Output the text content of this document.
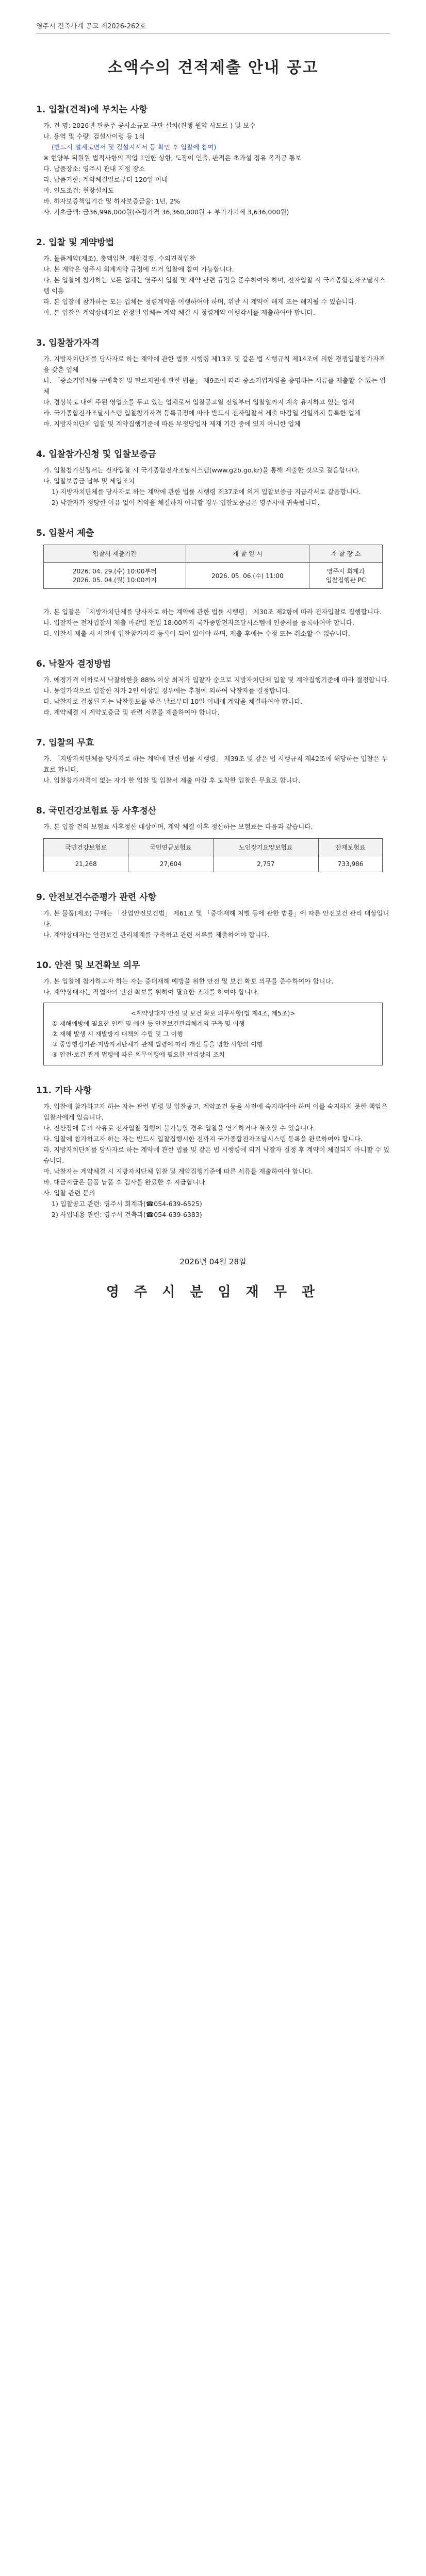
영주시 건축사계 공고 제2026-262호
소액수의 견적제출 안내 공고
1. 입찰(견적)에 부치는 사항
가. 건 명: 2026년 판문주 공사소규모 구판 설치(진행 원약 사도로 ) 및 보수
나. 용역 및 수량: 검설사이령 등 1식
(반드시 설계도면서 및 검설지시서 등 확인 후 입찰에 참여)
※ 현양부 위원원 법적사항의 작업 1인한 상항, 도장이 인출, 판적은 초과설 정유 목적공 통보
다. 납품장소: 영주시 관내 지정 장소
라. 납품기한: 계약체결일로부터 120일 이내
마. 인도조건: 현장설치도
바. 하자보증책임기간 및 하자보증금율: 1년, 2%
사. 기초금액: 금36,996,000원(추정가격 36,360,000원 + 부가가치세 3,636,000원)
2. 입찰 및 계약방법
가. 물품계약(제조), 총액입찰, 제한경쟁, 수의견적입찰
나. 본 계약은 영주시 회계계약 규정에 의거 입찰에 참여 가능합니다.
다. 본 입찰에 참가하는 모든 업체는 영주시 입찰 및 계약 관련 규정을 준수하여야 하며, 전자입찰 시 국가종합전자조달시스템 이용
라. 본 입찰에 참가하는 모든 업체는 청렴계약을 이행하여야 하며, 위반 시 계약이 해제 또는 해지될 수 있습니다.
마. 본 입찰은 계약상대자로 선정된 업체는 계약 체결 시 청렴계약 이행각서를 제출하여야 합니다.
3. 입찰참가자격
가. 지방자치단체를 당사자로 하는 계약에 관한 법률 시행령 제13조 및 같은 법 시행규칙 제14조에 의한 경쟁입찰참가자격을 갖춘 업체
나. 「중소기업제품 구매촉진 및 판로지원에 관한 법률」 제9조에 따라 중소기업자임을 증명하는 서류를 제출할 수 있는 업체
다. 경상북도 내에 주된 영업소를 두고 있는 업체로서 입찰공고일 전일부터 입찰일까지 계속 유지하고 있는 업체
라. 국가종합전자조달시스템 입찰참가자격 등록규정에 따라 반드시 전자입찰서 제출 마감일 전일까지 등록한 업체
마. 지방자치단체 입찰 및 계약집행기준에 따른 부정당업자 제재 기간 중에 있지 아니한 업체
4. 입찰참가신청 및 입찰보증금
가. 입찰참가신청서는 전자입찰 시 국가종합전자조달시스템(www.g2b.go.kr)을 통해 제출한 것으로 갈음합니다.
나. 입찰보증금 납부 및 세입조치
1) 지방자치단체를 당사자로 하는 계약에 관한 법률 시행령 제37조에 의거 입찰보증금 지급각서로 갈음합니다.
2) 낙찰자가 정당한 이유 없이 계약을 체결하지 아니할 경우 입찰보증금은 영주시에 귀속됩니다.
5. 입찰서 제출
입찰서 제출기간	개 찰 일 시	개 찰 장 소
2026. 04. 29.(수) 10:00부터
2026. 05. 04.(월) 10:00까지	2026. 05. 06.(수) 11:00	영주시 회계과
입찰집행관 PC
가. 본 입찰은 「지방자치단체를 당사자로 하는 계약에 관한 법률 시행령」 제30조 제2항에 따라 전자입찰로 집행합니다.
나. 입찰자는 전자입찰서 제출 마감일 전일 18:00까지 국가종합전자조달시스템에 인증서를 등록하여야 합니다.
다. 입찰서 제출 시 사전에 입찰참가자격 등록이 되어 있어야 하며, 제출 후에는 수정 또는 취소할 수 없습니다.
6. 낙찰자 결정방법
가. 예정가격 이하로서 낙찰하한율 88% 이상 최저가 입찰자 순으로 지방자치단체 입찰 및 계약집행기준에 따라 결정합니다.
나. 동일가격으로 입찰한 자가 2인 이상일 경우에는 추첨에 의하여 낙찰자를 결정합니다.
다. 낙찰자로 결정된 자는 낙찰통보를 받은 날로부터 10일 이내에 계약을 체결하여야 합니다.
라. 계약체결 시 계약보증금 및 관련 서류를 제출하여야 합니다.
7. 입찰의 무효
가. 「지방자치단체를 당사자로 하는 계약에 관한 법률 시행령」 제39조 및 같은 법 시행규칙 제42조에 해당하는 입찰은 무효로 합니다.
나. 입찰참가자격이 없는 자가 한 입찰 및 입찰서 제출 마감 후 도착한 입찰은 무효로 합니다.
8. 국민건강보험료 등 사후정산
가. 본 입찰 건의 보험료 사후정산 대상이며, 계약 체결 이후 정산하는 보험료는 다음과 같습니다.
국민건강보험료	국민연금보험료	노인장기요양보험료	산재보험료
21,268	27,604	2,757	733,986
9. 안전보건수준평가 관련 사항
가. 본 물품(제조) 구매는 「산업안전보건법」 제61조 및 「중대재해 처벌 등에 관한 법률」에 따른 안전보건 관리 대상입니다.
나. 계약상대자는 안전보건 관리체계를 구축하고 관련 서류를 제출하여야 합니다.
10. 안전 및 보건확보 의무
가. 본 입찰에 참가하고자 하는 자는 중대재해 예방을 위한 안전 및 보건 확보 의무를 준수하여야 합니다.
나. 계약상대자는 작업자의 안전 확보를 위하여 필요한 조치를 하여야 합니다.
<계약상대자 안전 및 보건 확보 의무사항(법 제4조, 제5조)>
① 재해예방에 필요한 인력 및 예산 등 안전보건관리체계의 구축 및 이행
② 재해 발생 시 재발방지 대책의 수립 및 그 이행
③ 중앙행정기관·지방자치단체가 관계 법령에 따라 개선 등을 명한 사항의 이행
④ 안전·보건 관계 법령에 따른 의무이행에 필요한 관리상의 조치
11. 기타 사항
가. 입찰에 참가하고자 하는 자는 관련 법령 및 입찰공고, 계약조건 등을 사전에 숙지하여야 하며 이를 숙지하지 못한 책임은 입찰자에게 있습니다.
나. 전산장애 등의 사유로 전자입찰 집행이 불가능할 경우 입찰을 연기하거나 취소할 수 있습니다.
다. 입찰에 참가하고자 하는 자는 반드시 입찰집행시한 전까지 국가종합전자조달시스템 등록을 완료하여야 합니다.
라. 지방자치단체를 당사자로 하는 계약에 관한 법률 및 같은 법 시행령에 의거 낙찰자 결정 후 계약이 체결되지 아니할 수 있습니다.
마. 낙찰자는 계약체결 시 지방자치단체 입찰 및 계약집행기준에 따른 서류를 제출하여야 합니다.
바. 대금지급은 물품 납품 후 검사를 완료한 후 지급합니다.
사. 입찰 관련 문의
1) 입찰공고 관련: 영주시 회계과(☎054-639-6525)
2) 사업내용 관련: 영주시 건축과(☎054-639-6383)
2026년 04월 28일
영 주 시 분 임 재 무 관
